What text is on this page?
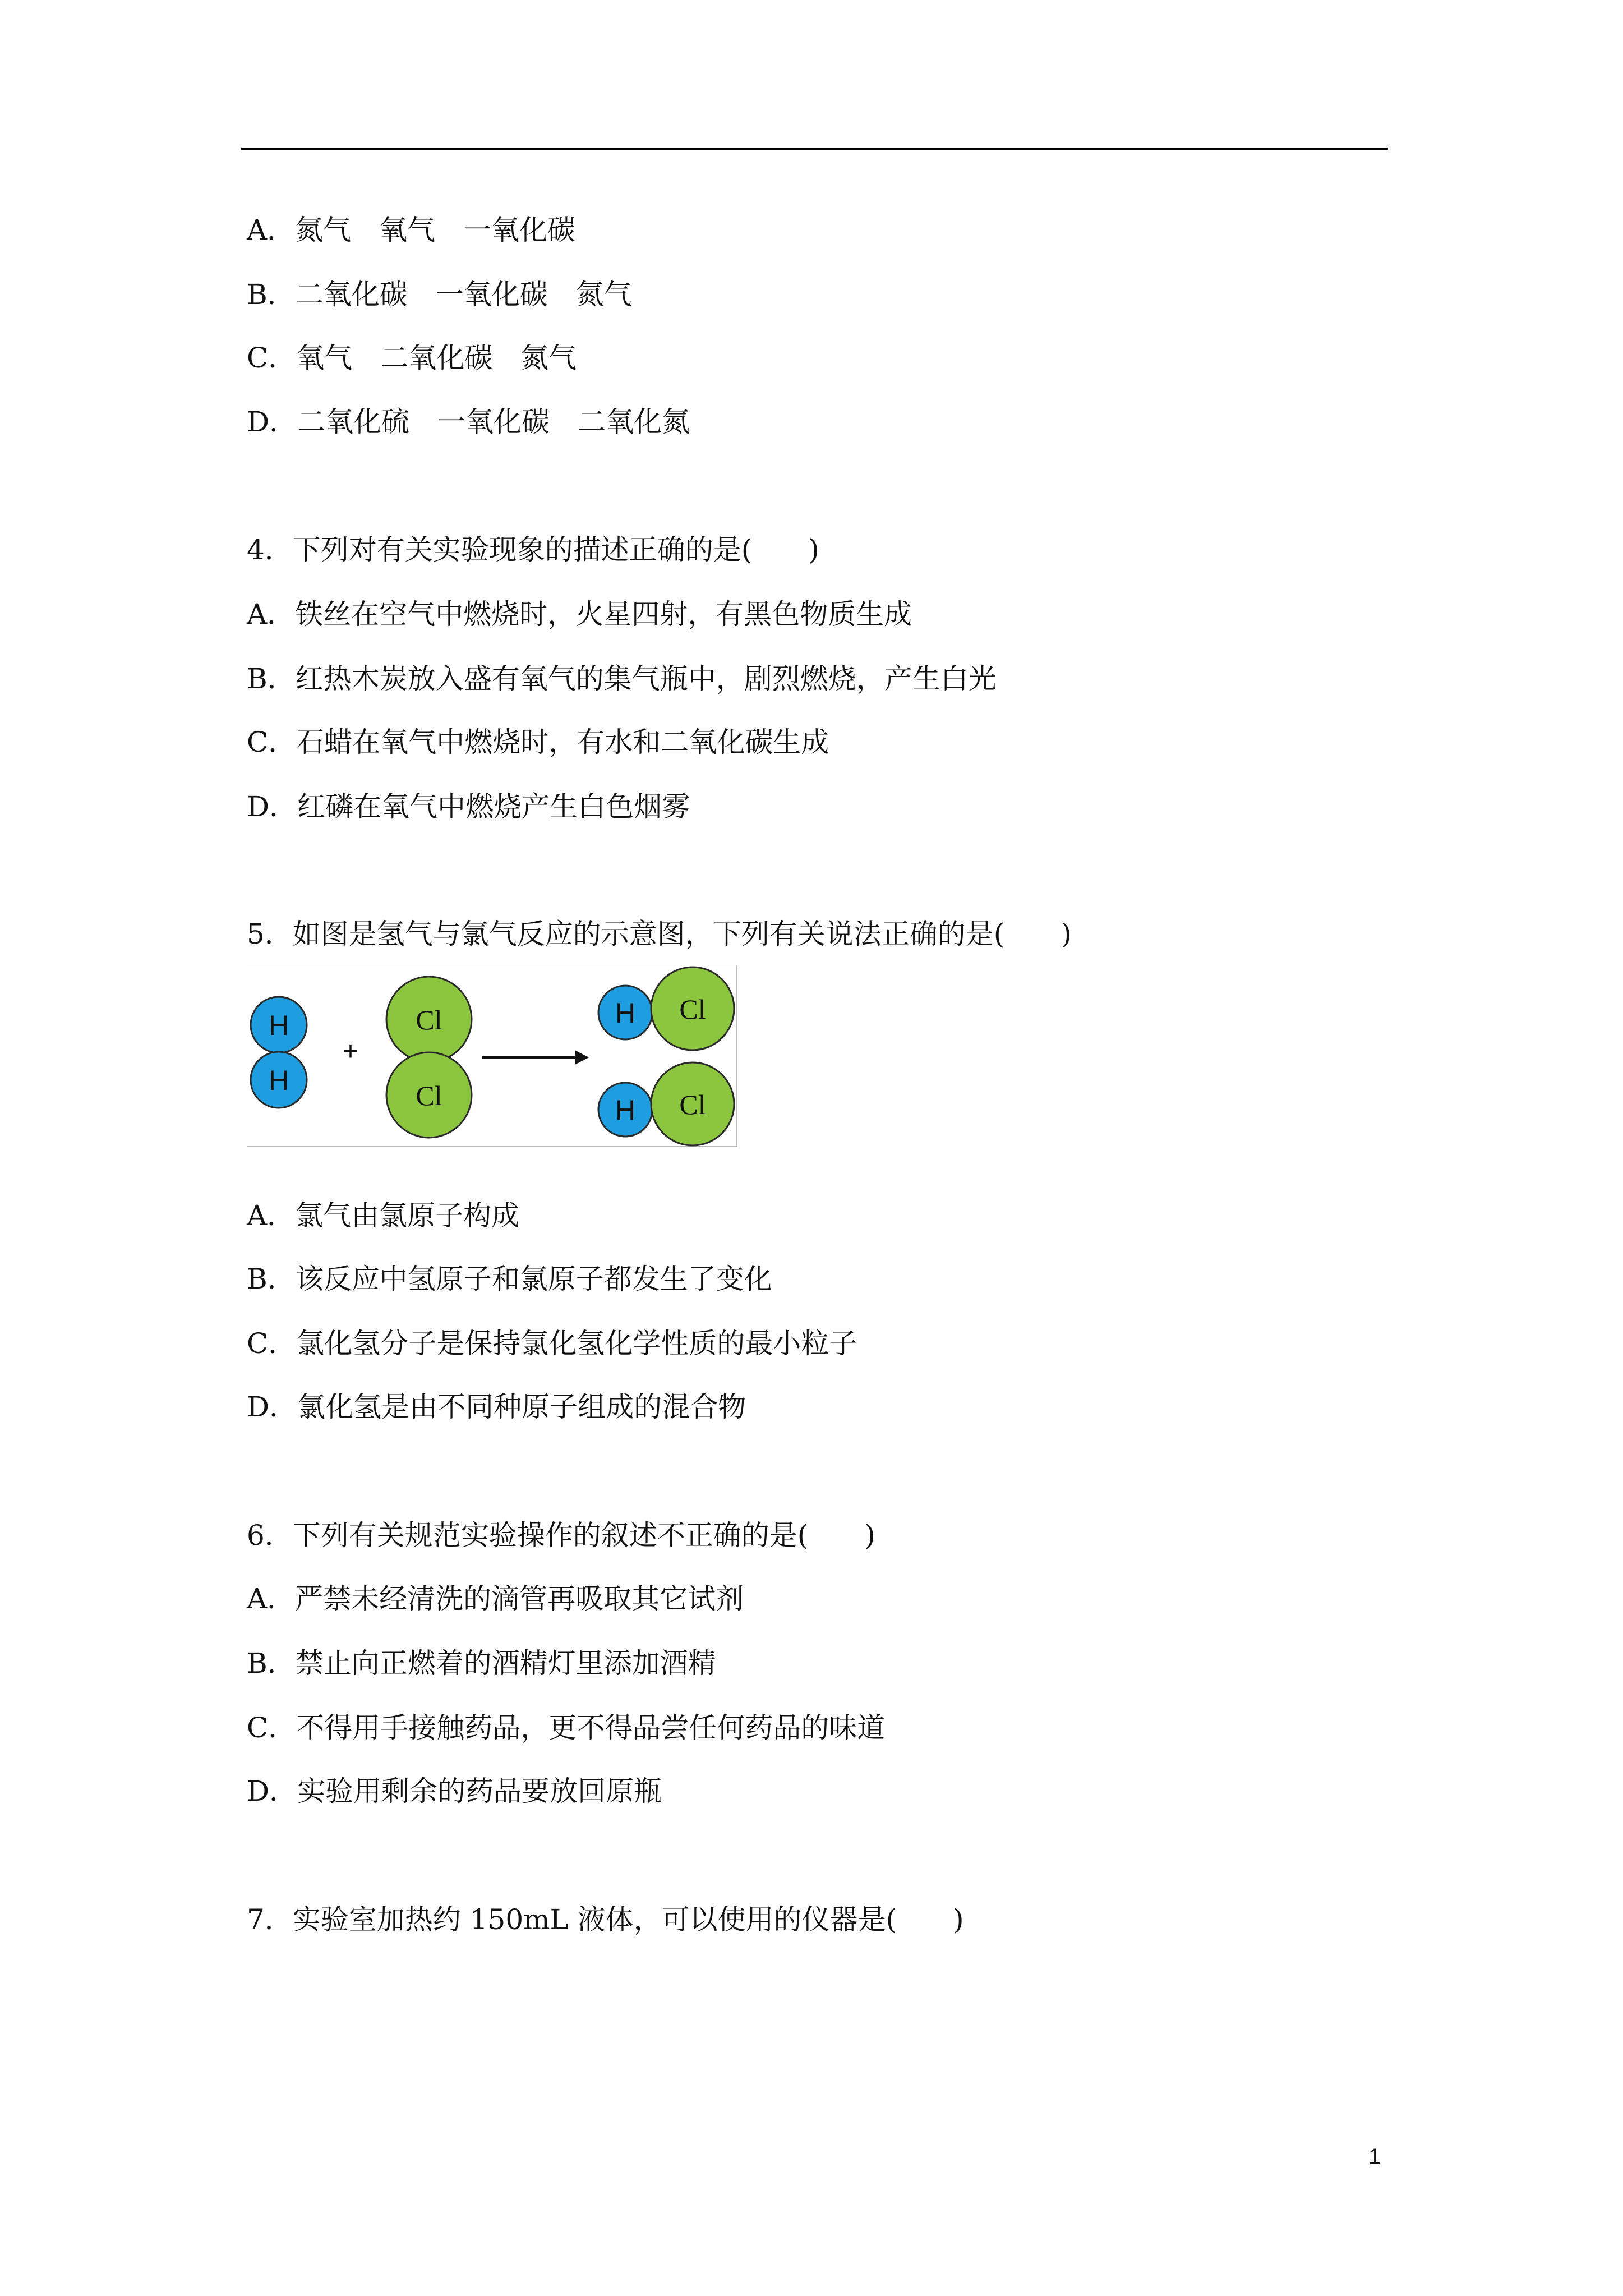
A．氮气　氧气　一氧化碳
B．二氧化碳　一氧化碳　氮气
C．氧气　二氧化碳　氮气
D．二氧化硫　一氧化碳　二氧化氮
4．下列对有关实验现象的描述正确的是(　　)
A．铁丝在空气中燃烧时，火星四射，有黑色物质生成
B．红热木炭放入盛有氧气的集气瓶中，剧烈燃烧，产生白光
C．石蜡在氧气中燃烧时，有水和二氧化碳生成
D．红磷在氧气中燃烧产生白色烟雾
5．如图是氢气与氯气反应的示意图，下列有关说法正确的是(　　)
H
H
+
Cl
Cl
H Cl
H Cl
A．氯气由氯原子构成
B．该反应中氢原子和氯原子都发生了变化
C．氯化氢分子是保持氯化氢化学性质的最小粒子
D．氯化氢是由不同种原子组成的混合物
6．下列有关规范实验操作的叙述不正确的是(　　)
A．严禁未经清洗的滴管再吸取其它试剂
B．禁止向正燃着的酒精灯里添加酒精
C．不得用手接触药品，更不得品尝任何药品的味道
D．实验用剩余的药品要放回原瓶
7．实验室加热约 150mL 液体，可以使用的仪器是(　　)
1
